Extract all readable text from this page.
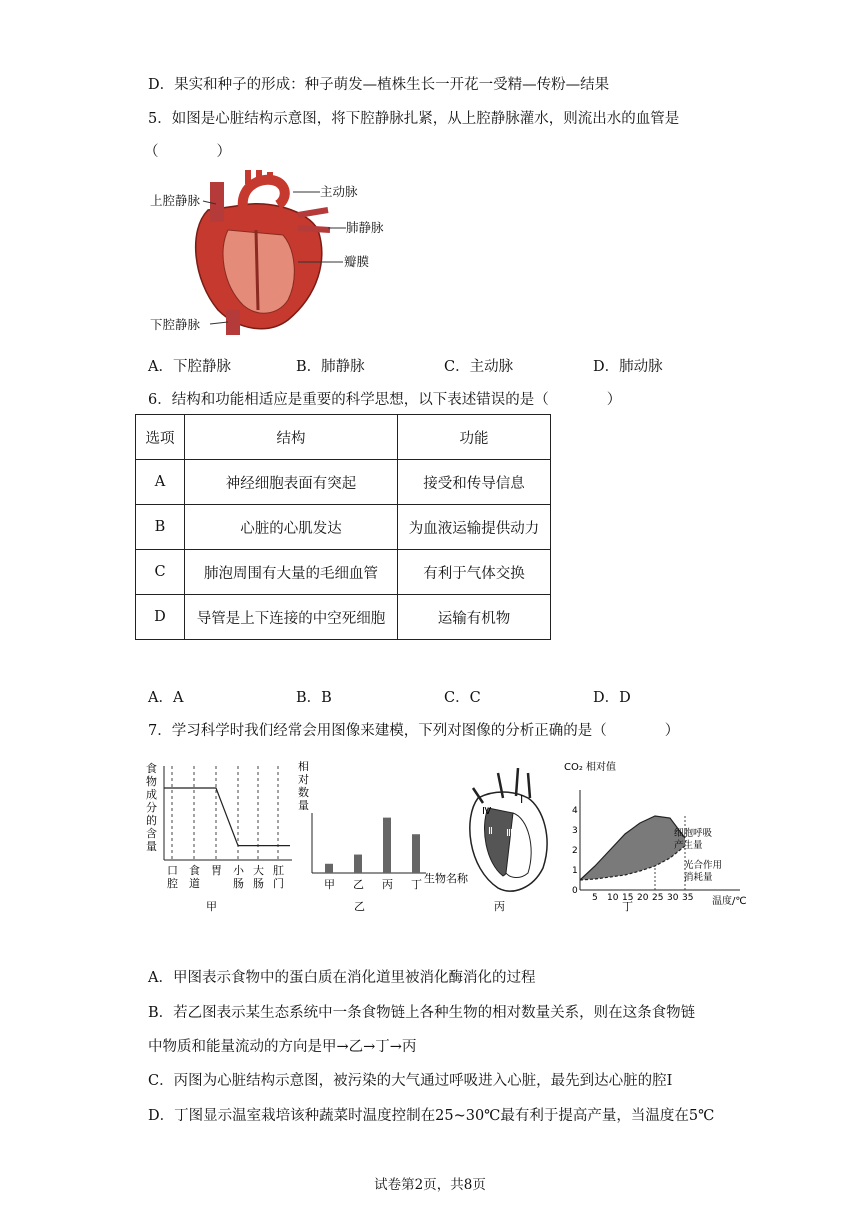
D．果实和种子的形成：种子萌发—植株生长一开花一受精—传粉—结果
5．如图是心脏结构示意图，将下腔静脉扎紧，从上腔静脉灌水，则流出水的血管是
（　　　　）
上腔静脉
主动脉
肺静脉
瓣膜
下腔静脉
A．下腔静脉	B．肺静脉	C．主动脉	D．肺动脉
6．结构和功能相适应是重要的科学思想，以下表述错误的是（　　　　）
选项	结构	功能
A	神经细胞表面有突起	接受和传导信息
B	心脏的心肌发达	为血液运输提供动力
C	肺泡周围有大量的毛细血管	有利于气体交换
D	导管是上下连接的中空死细胞	运输有机物
A．A	B．B	C．C	D．D
7．学习科学时我们经常会用图像来建模，下列对图像的分析正确的是（　　　　）
食
物
成
分
的
含
量
口
腔
食
道
胃 小
肠
大
肠
肛
门
甲
相
对
数
量
甲 乙 丙 丁 生物名称
乙
Ⅰ
Ⅱ Ⅲ
Ⅳ
丙
CO₂ 相对值
0
1
2
3
4
5 10 15 20 25 30 35
细胞呼吸
产生量
光合作用
消耗量
温度/℃
丁
A．甲图表示食物中的蛋白质在消化道里被消化酶消化的过程
B．若乙图表示某生态系统中一条食物链上各种生物的相对数量关系，则在这条食物链
中物质和能量流动的方向是甲→乙→丁→丙
C．丙图为心脏结构示意图，被污染的大气通过呼吸进入心脏，最先到达心脏的腔I
D．丁图显示温室栽培该种蔬菜时温度控制在25~30℃最有利于提高产量，当温度在5℃
试卷第2页，共8页
